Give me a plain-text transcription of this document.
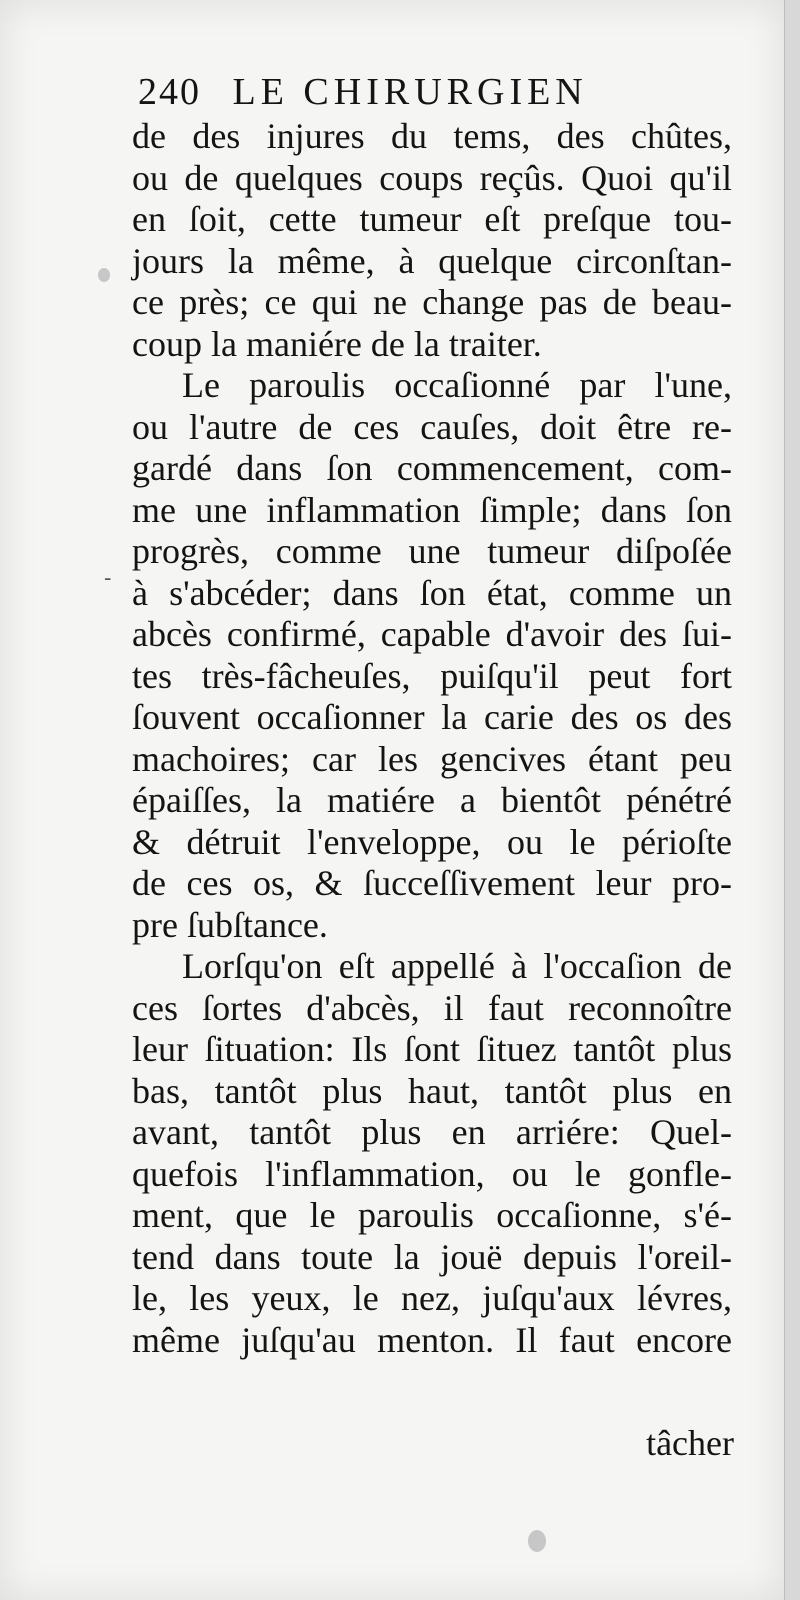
-
240 LE CHIRURGIEN
de des injures du tems, des chûtes,
ou de quelques coups reçûs. Quoi qu'il
en ſoit, cette tumeur eſt preſque tou-
jours la même, à quelque circonſtan-
ce près; ce qui ne change pas de beau-
coup la maniére de la traiter.
Le paroulis occaſionné par l'une,
ou l'autre de ces cauſes, doit être re-
gardé dans ſon commencement, com-
me une inflammation ſimple; dans ſon
progrès, comme une tumeur diſpoſée
à s'abcéder; dans ſon état, comme un
abcès confirmé, capable d'avoir des ſui-
tes très-fâcheuſes, puiſqu'il peut fort
ſouvent occaſionner la carie des os des
machoires; car les gencives étant peu
épaiſſes, la matiére a bientôt pénétré
& détruit l'enveloppe, ou le périoſte
de ces os, & ſucceſſivement leur pro-
pre ſubſtance.
Lorſqu'on eſt appellé à l'occaſion de
ces ſortes d'abcès, il faut reconnoître
leur ſituation: Ils ſont ſituez tantôt plus
bas, tantôt plus haut, tantôt plus en
avant, tantôt plus en arriére: Quel-
quefois l'inflammation, ou le gonfle-
ment, que le paroulis occaſionne, s'é-
tend dans toute la jouë depuis l'oreil-
le, les yeux, le nez, juſqu'aux lévres,
même juſqu'au menton. Il faut encore
tâcher
